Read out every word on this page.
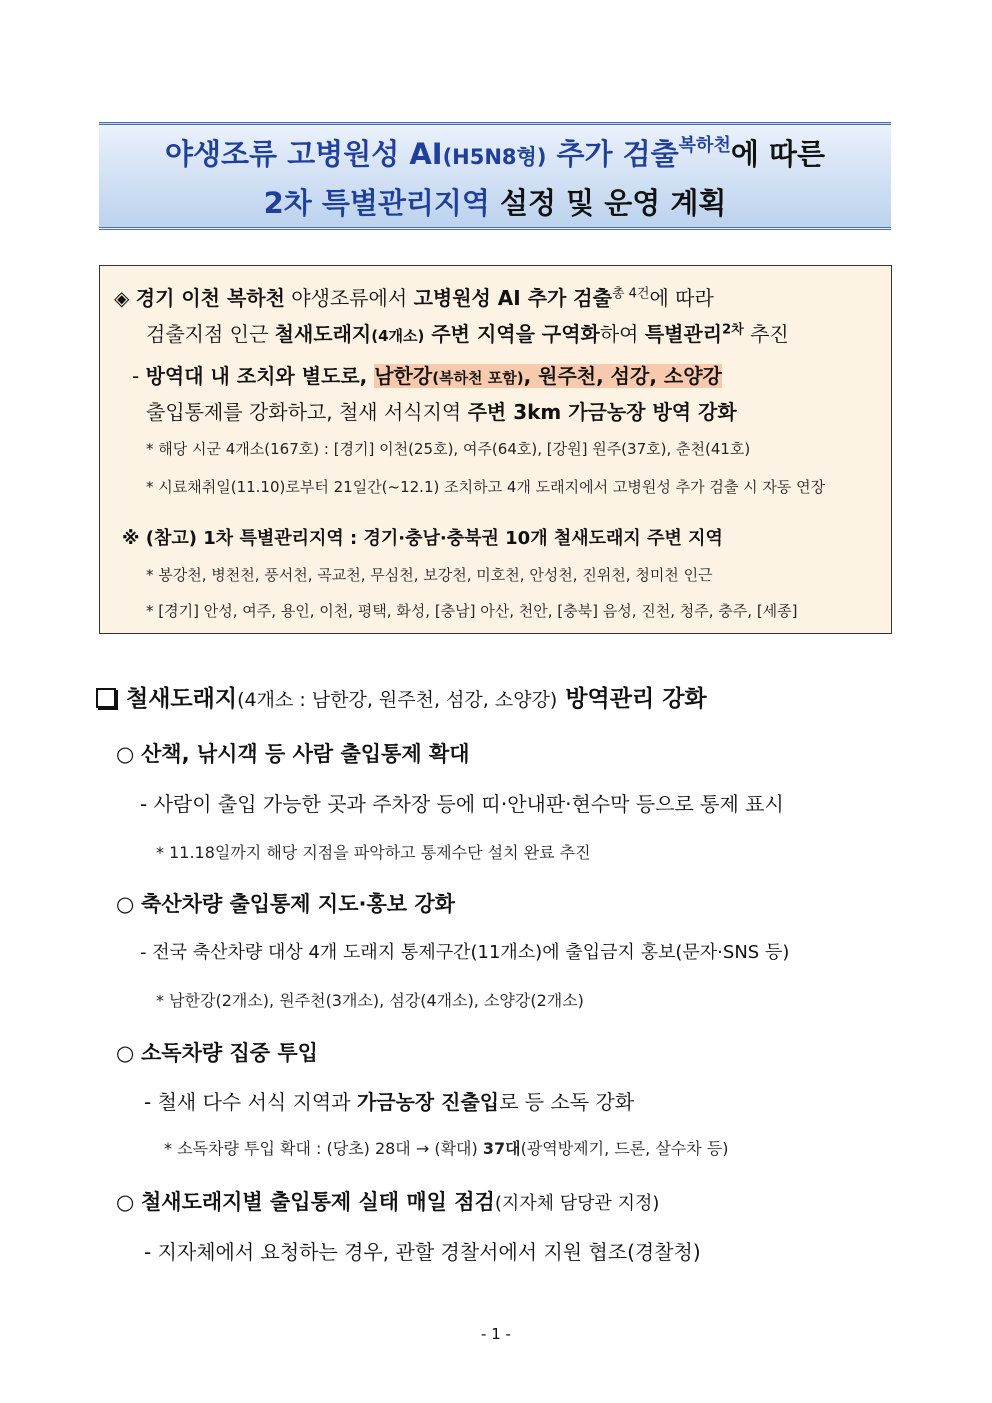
야생조류 고병원성 AI(H5N8형) 추가 검출$^{복하천}$에 따른
2차 특별관리지역 설정 및 운영 계획
◈ 경기 이천 복하천 야생조류에서 고병원성 AI 추가 검출$^{총 4건}$에 따라
검출지점 인근 철새도래지(4개소) 주변 지역을 구역화하여 특별관리$^{2차}$ 추진
- 방역대 내 조치와 별도로, 남한강(복하천 포함), 원주천, 섬강, 소양강
출입통제를 강화하고, 철새 서식지역 주변 3km 가금농장 방역 강화
* 해당 시군 4개소(167호) : [경기] 이천(25호), 여주(64호), [강원] 원주(37호), 춘천(41호)
* 시료채취일(11.10)로부터 21일간(~12.1) 조치하고 4개 도래지에서 고병원성 추가 검출 시 자동 연장
※ (참고) 1차 특별관리지역 : 경기·충남·충북권 10개 철새도래지 주변 지역
* 봉강천, 병천천, 풍서천, 곡교천, 무심천, 보강천, 미호천, 안성천, 진위천, 청미천 인근
* [경기] 안성, 여주, 용인, 이천, 평택, 화성, [충남] 아산, 천안, [충북] 음성, 진천, 청주, 충주, [세종]
철새도래지(4개소 : 남한강, 원주천, 섬강, 소양강) 방역관리 강화
○ 산책, 낚시객 등 사람 출입통제 확대
- 사람이 출입 가능한 곳과 주차장 등에 띠·안내판·현수막 등으로 통제 표시
* 11.18일까지 해당 지점을 파악하고 통제수단 설치 완료 추진
○ 축산차량 출입통제 지도·홍보 강화
- 전국 축산차량 대상 4개 도래지 통제구간(11개소)에 출입금지 홍보(문자·SNS 등)
* 남한강(2개소), 원주천(3개소), 섬강(4개소), 소양강(2개소)
○ 소독차량 집중 투입
- 철새 다수 서식 지역과 가금농장 진출입로 등 소독 강화
* 소독차량 투입 확대 : (당초) 28대 → (확대) 37대(광역방제기, 드론, 살수차 등)
○ 철새도래지별 출입통제 실태 매일 점검(지자체 담당관 지정)
- 지자체에서 요청하는 경우, 관할 경찰서에서 지원 협조(경찰청)
- 1 -
